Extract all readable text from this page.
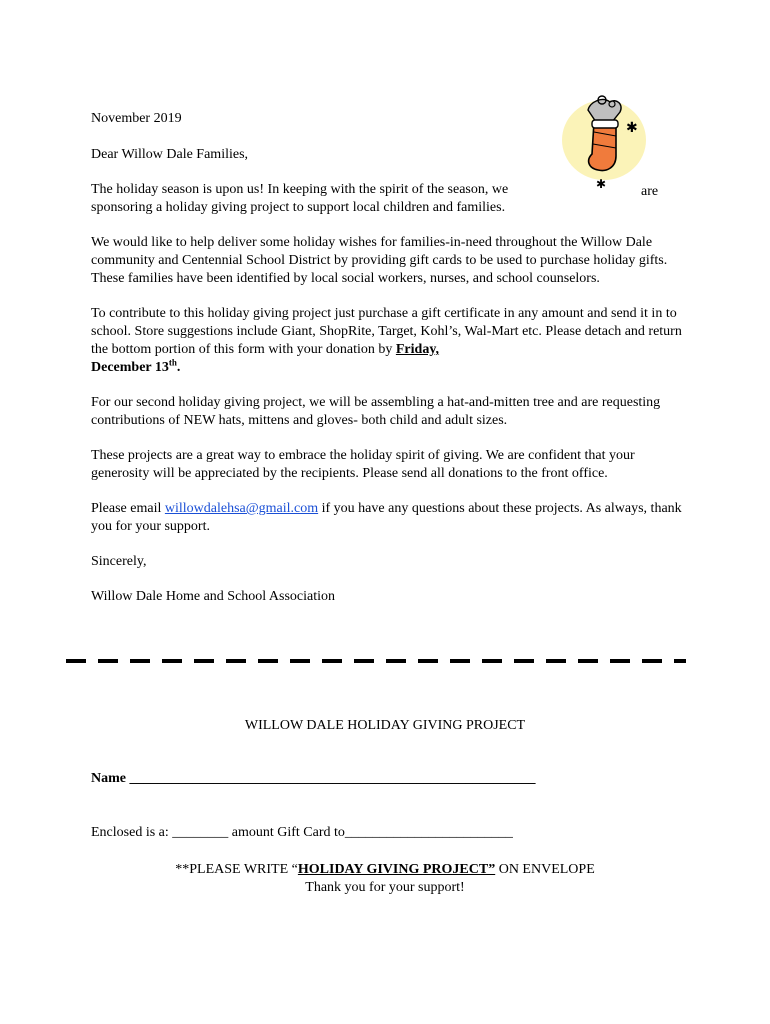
✱
✱ are

November 2019

Dear Willow Dale Families,

The holiday season is upon us! In keeping with the spirit of the season, we
sponsoring a holiday giving project to support local children and families.

We would like to help deliver some holiday wishes for families-in-need throughout the Willow Dale community and Centennial School District by providing gift cards to be used to purchase holiday gifts. These families have been identified by local social workers, nurses, and school counselors.

To contribute to this holiday giving project just purchase a gift certificate in any amount and send it in to school. Store suggestions include Giant, ShopRite, Target, Kohl’s, Wal-Mart etc. Please detach and return the bottom portion of this form with your donation by Friday,
December 13th.

For our second holiday giving project, we will be assembling a hat-and-mitten tree and are requesting contributions of NEW hats, mittens and gloves- both child and adult sizes.

These projects are a great way to embrace the holiday spirit of giving. We are confident that your generosity will be appreciated by the recipients. Please send all donations to the front office.

Please email willowdalehsa@gmail.com if you have any questions about these projects. As always, thank you for your support.

Sincerely,

Willow Dale Home and School Association

WILLOW DALE HOLIDAY GIVING PROJECT
Name __________________________________________________________
Enclosed is a: ________ amount Gift Card to________________________
**PLEASE WRITE “HOLIDAY GIVING PROJECT” ON ENVELOPE
Thank you for your support!
